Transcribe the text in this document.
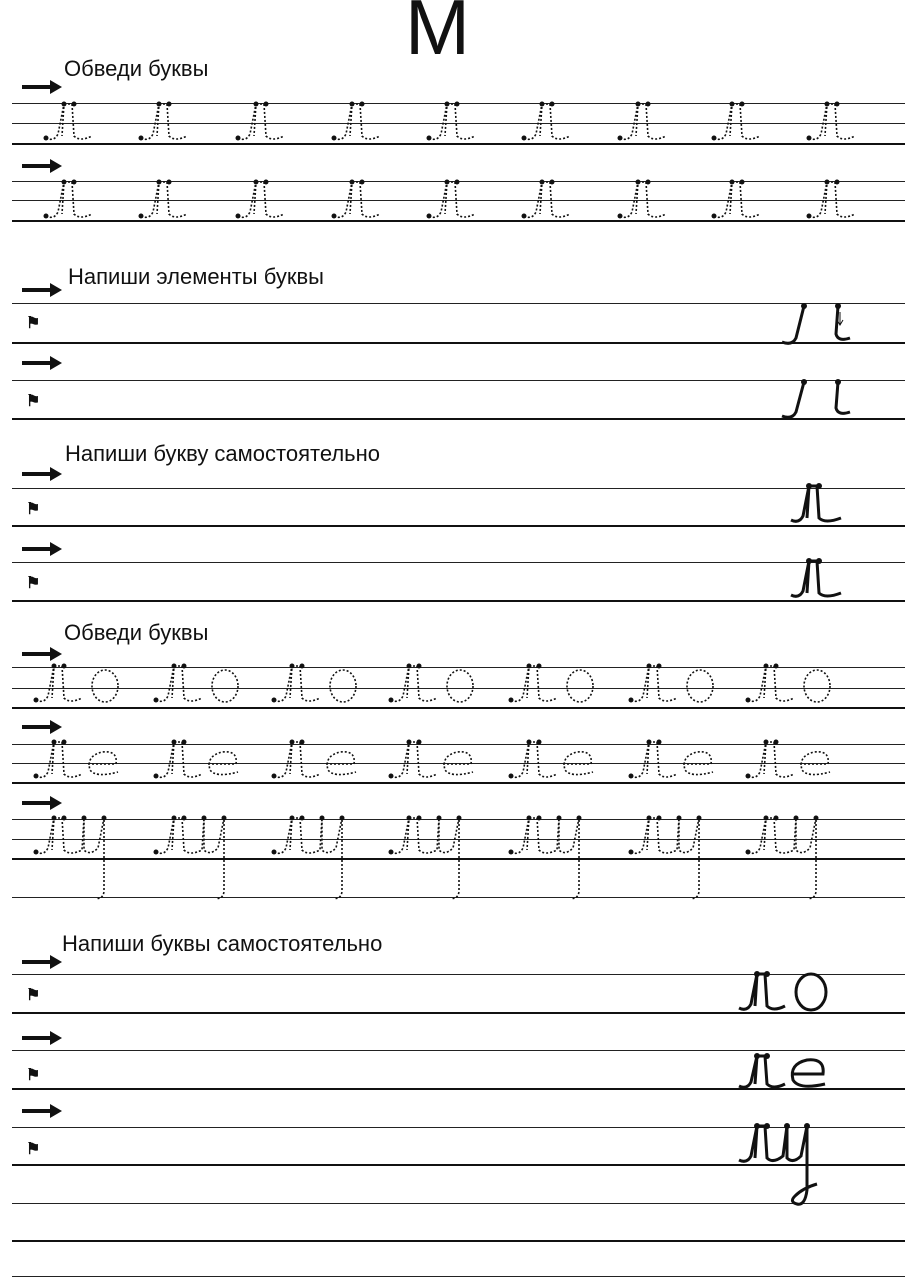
М
Обведи буквы
Напиши элементы буквы
⚑
⚑
Напиши букву самостоятельно
⚑
⚑
Обведи буквы
Напиши буквы самостоятельно
⚑
⚑
⚑
